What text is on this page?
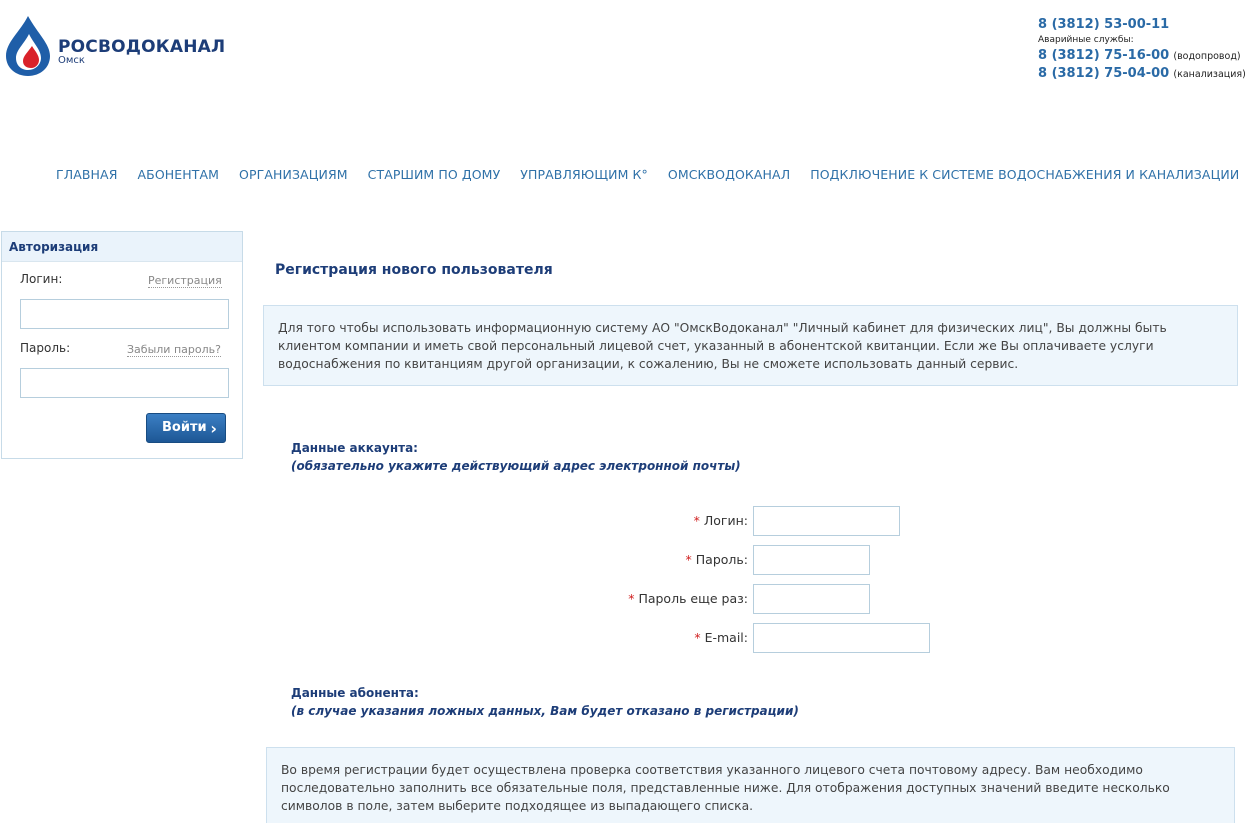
РОСВОДОКАНАЛ
Омск
8 (3812) 53-00-11
Аварийные службы:
8 (3812) 75-16-00 (водопровод)
8 (3812) 75-04-00 (канализация)
ГЛАВНАЯ АБОНЕНТАМ ОРГАНИЗАЦИЯМ СТАРШИМ ПО ДОМУ УПРАВЛЯЮЩИМ К° ОМСКВОДОКАНАЛ ПОДКЛЮЧЕНИЕ К СИСТЕМЕ ВОДОСНАБЖЕНИЯ И КАНАЛИЗАЦИИ
Авторизация
Логин:	Регистрация
Пароль:	Забыли пароль?
Войти ›
Регистрация нового пользователя
Для того чтобы использовать информационную систему АО "ОмскВодоканал" "Личный кабинет для физических лиц", Вы должны быть клиентом компании и иметь свой персональный лицевой счет, указанный в абонентской квитанции. Если же Вы оплачиваете услуги водоснабжения по квитанциям другой организации, к сожалению, Вы не сможете использовать данный сервис.
Данные аккаунта:
(обязательно укажите действующий адрес электронной почты)
* Логин:
* Пароль:
* Пароль еще раз:
* E-mail:
Данные абонента:
(в случае указания ложных данных, Вам будет отказано в регистрации)
Во время регистрации будет осуществлена проверка соответствия указанного лицевого счета почтовому адресу. Вам необходимо последовательно заполнить все обязательные поля, представленные ниже. Для отображения доступных значений введите несколько символов в поле, затем выберите подходящее из выпадающего списка.
